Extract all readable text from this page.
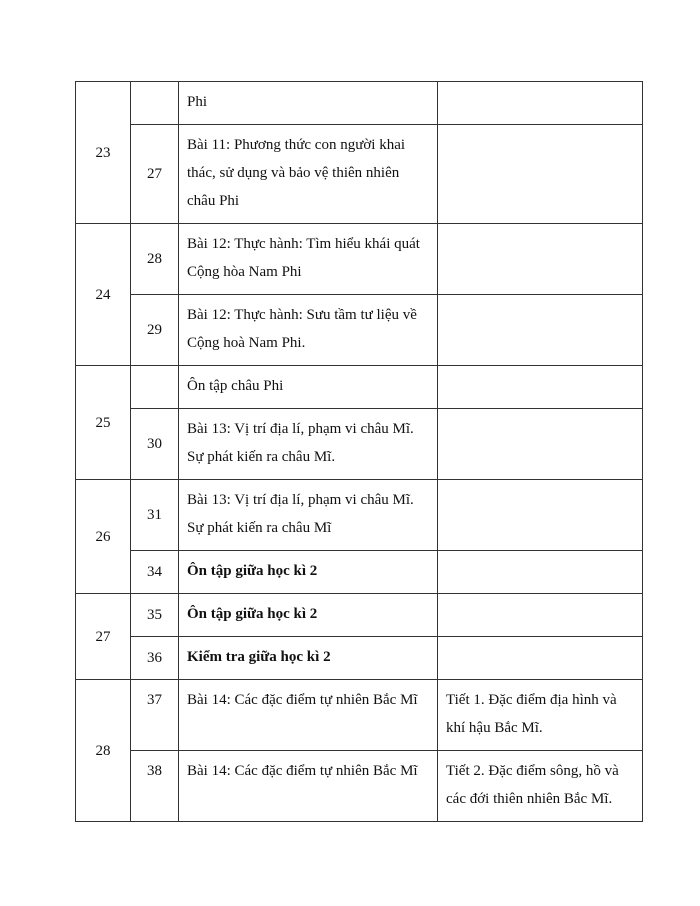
23		Phi	

	27	Bài 11: Phương thức con người khai thác, sử dụng và bảo vệ thiên nhiên châu Phi	

24	28	Bài 12: Thực hành: Tìm hiểu khái quát Cộng hòa Nam Phi	

	29	Bài 12: Thực hành: Sưu tầm tư liệu về Cộng hoà Nam Phi.	

25		Ôn tập châu Phi	

	30	Bài 13: Vị trí địa lí, phạm vi châu Mĩ. Sự phát kiến ra châu Mĩ.	

26	31	Bài 13: Vị trí địa lí, phạm vi châu Mĩ. Sự phát kiến ra châu Mĩ	

	34	Ôn tập giữa học kì 2	

27	35	Ôn tập giữa học kì 2	

	36	Kiểm tra giữa học kì 2	

28	37	Bài 14: Các đặc điểm tự nhiên Bắc Mĩ	Tiết 1. Đặc điểm địa hình và khí hậu Bắc Mĩ.

	38	Bài 14: Các đặc điểm tự nhiên Bắc Mĩ	Tiết 2. Đặc điểm sông, hồ và các đới thiên nhiên Bắc Mĩ.
